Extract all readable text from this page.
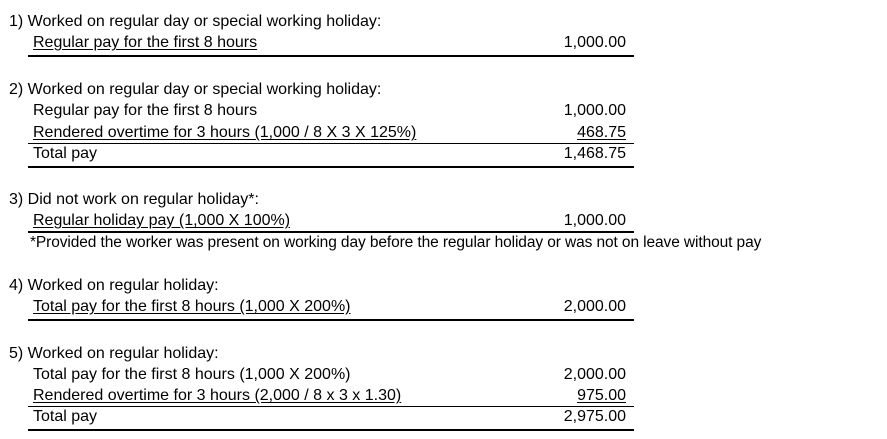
1) Worked on regular day or special working holiday:
Regular pay for the first 8 hours	1,000.00
2) Worked on regular day or special working holiday:
Regular pay for the first 8 hours	1,000.00
Rendered overtime for 3 hours (1,000 / 8 X 3 X 125%)	468.75
Total pay	1,468.75
3) Did not work on regular holiday*:
Regular holiday pay (1,000 X 100%)	1,000.00
*Provided the worker was present on working day before the regular holiday or was not on leave without pay
4) Worked on regular holiday:
Total pay for the first 8 hours (1,000 X 200%)	2,000.00
5) Worked on regular holiday:
Total pay for the first 8 hours (1,000 X 200%)	2,000.00
Rendered overtime for 3 hours (2,000 / 8 x 3 x 1.30)	975.00
Total pay	2,975.00
